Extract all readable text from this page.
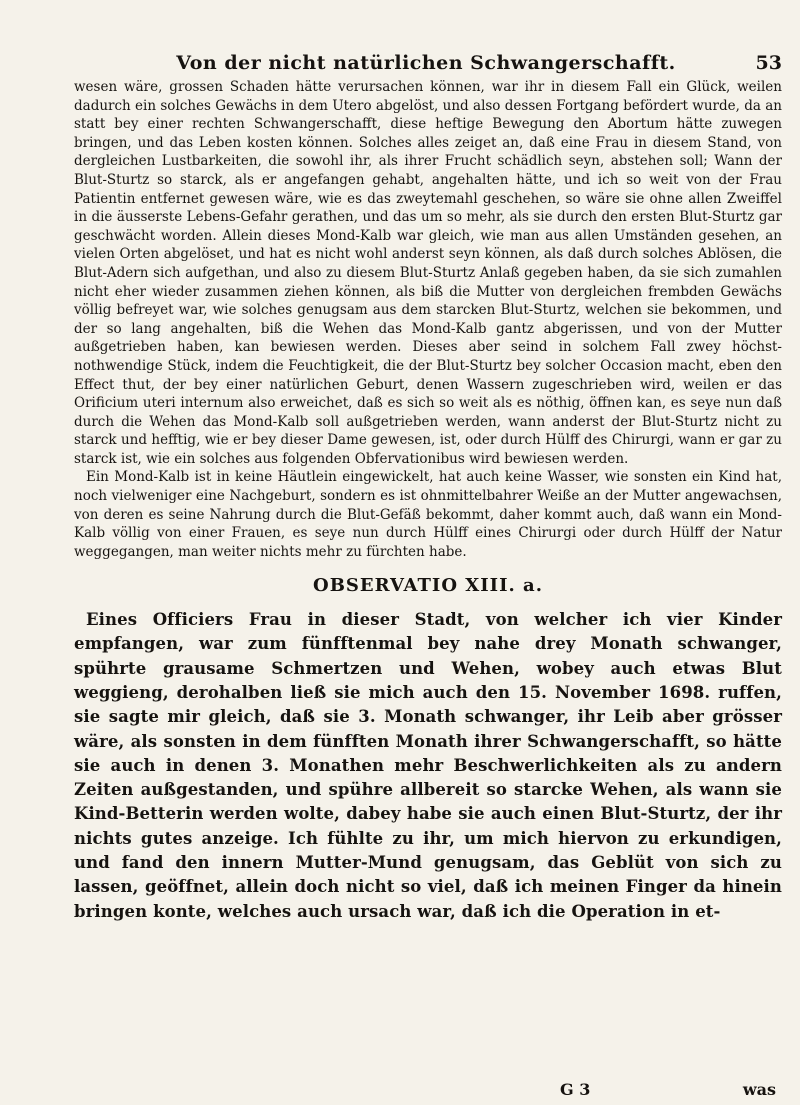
Von der nicht natürlichen Schwangerschafft.	53

wesen wäre, grossen Schaden hätte verursachen können, war ihr in diesem Fall ein Glück, weilen dadurch ein solches Gewächs in dem Utero abgelöst, und also dessen Fortgang befördert wurde, da an statt bey einer rechten Schwangerschafft, diese heftige Bewegung den Abortum hätte zuwegen bringen, und das Leben kosten können. Solches alles zeiget an, daß eine Frau in diesem Stand, von dergleichen Lustbarkeiten, die sowohl ihr, als ihrer Frucht schädlich seyn, abstehen soll; Wann der Blut-Sturtz so starck, als er angefangen gehabt, angehalten hätte, und ich so weit von der Frau Patientin entfernet gewesen wäre, wie es das zweytemahl geschehen, so wäre sie ohne allen Zweiffel in die äusserste Lebens-Gefahr gerathen, und das um so mehr, als sie durch den ersten Blut-Sturtz gar geschwächt worden. Allein dieses Mond-Kalb war gleich, wie man aus allen Umständen gesehen, an vielen Orten abgelöset, und hat es nicht wohl anderst seyn können, als daß durch solches Ablösen, die Blut-Adern sich aufgethan, und also zu diesem Blut-Sturtz Anlaß gegeben haben, da sie sich zumahlen nicht eher wieder zusammen ziehen können, als biß die Mutter von dergleichen frembden Gewächs völlig befreyet war, wie solches genugsam aus dem starcken Blut-Sturtz, welchen sie bekommen, und der so lang angehalten, biß die Wehen das Mond-Kalb gantz abgerissen, und von der Mutter außgetrieben haben, kan bewiesen werden. Dieses aber seind in solchem Fall zwey höchst-nothwendige Stück, indem die Feuchtigkeit, die der Blut-Sturtz bey solcher Occasion macht, eben den Effect thut, der bey einer natürlichen Geburt, denen Wassern zugeschrieben wird, weilen er das Orificium uteri internum also erweichet, daß es sich so weit als es nöthig, öffnen kan, es seye nun daß durch die Wehen das Mond-Kalb soll außgetrieben werden, wann anderst der Blut-Sturtz nicht zu starck und hefftig, wie er bey dieser Dame gewesen, ist, oder durch Hülff des Chirurgi, wann er gar zu starck ist, wie ein solches aus folgenden Obfervationibus wird bewiesen werden.

Ein Mond-Kalb ist in keine Häutlein eingewickelt, hat auch keine Wasser, wie sonsten ein Kind hat, noch vielweniger eine Nachgeburt, sondern es ist ohnmittelbahrer Weiße an der Mutter angewachsen, von deren es seine Nahrung durch die Blut-Gefäß bekommt, daher kommt auch, daß wann ein Mond-Kalb völlig von einer Frauen, es seye nun durch Hülff eines Chirurgi oder durch Hülff der Natur weggegangen, man weiter nichts mehr zu fürchten habe.

OBSERVATIO XIII. a.

Eines Officiers Frau in dieser Stadt, von welcher ich vier Kinder empfangen, war zum fünfftenmal bey nahe drey Monath schwanger, spührte grausame Schmertzen und Wehen, wobey auch etwas Blut weggieng, derohalben ließ sie mich auch den 15. November 1698. ruffen, sie sagte mir gleich, daß sie 3. Monath schwanger, ihr Leib aber grösser wäre, als sonsten in dem fünfften Monath ihrer Schwangerschafft, so hätte sie auch in denen 3. Monathen mehr Beschwerlichkeiten als zu andern Zeiten außgestanden, und spühre allbereit so starcke Wehen, als wann sie Kind-Betterin werden wolte, dabey habe sie auch einen Blut-Sturtz, der ihr nichts gutes anzeige. Ich fühlte zu ihr, um mich hiervon zu erkundigen, und fand den innern Mutter-Mund genugsam, das Geblüt von sich zu lassen, geöffnet, allein doch nicht so viel, daß ich meinen Finger da hinein bringen konte, welches auch ursach war, daß ich die Operation in et-

G 3	was
